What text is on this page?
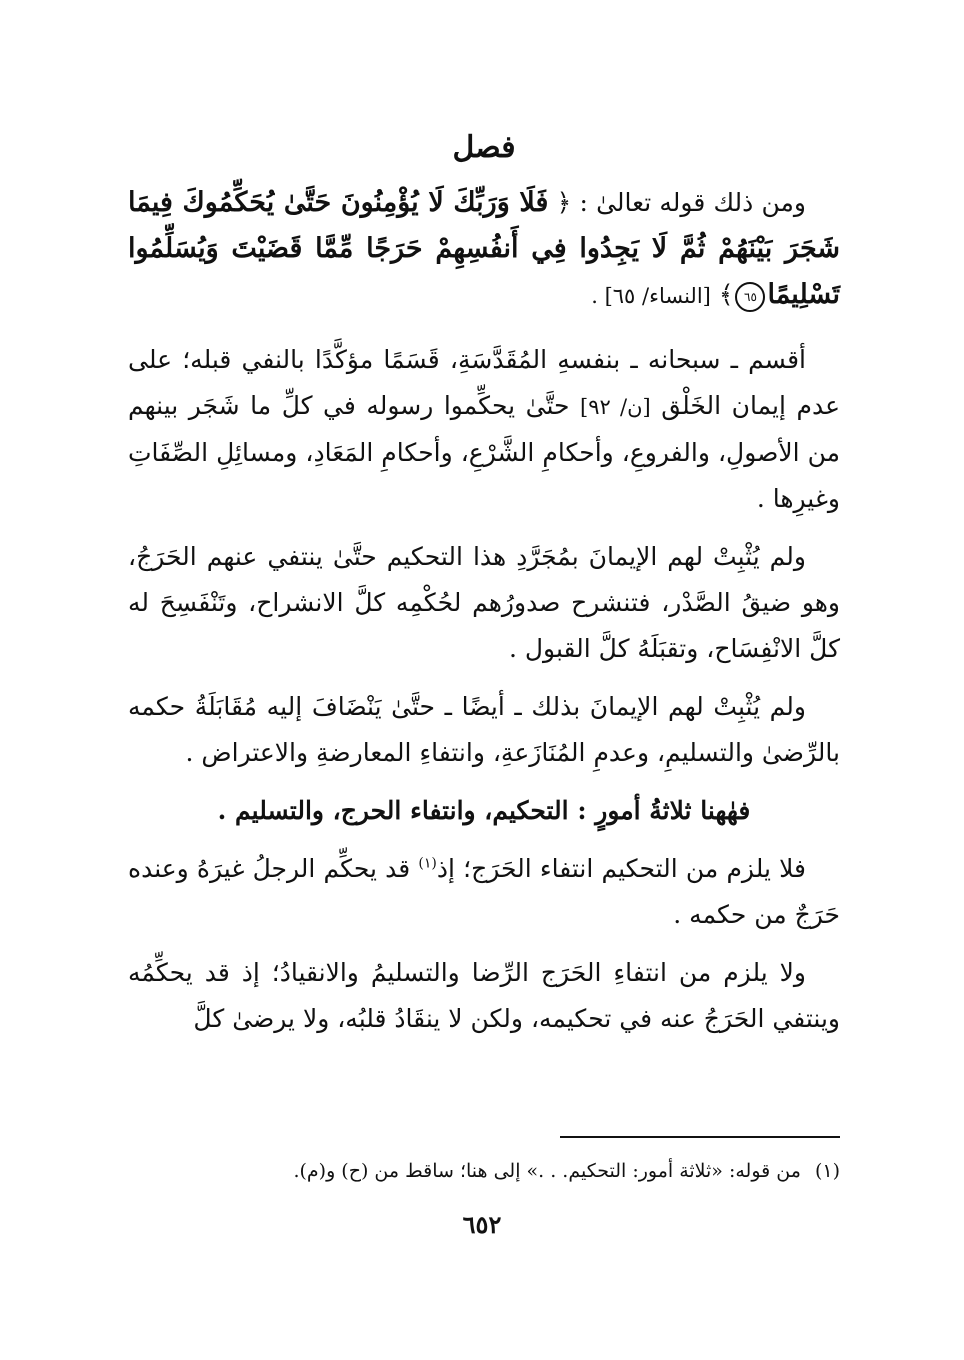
فصل

ومن ذلك قوله تعالىٰ : ﴿ فَلَا وَرَبِّكَ لَا يُؤْمِنُونَ حَتَّىٰ يُحَكِّمُوكَ فِيمَا شَجَرَ بَيْنَهُمْ ثُمَّ لَا يَجِدُوا فِي أَنفُسِهِمْ حَرَجًا مِّمَّا قَضَيْتَ وَيُسَلِّمُوا تَسْلِيمًا٦٥﴾ [النساء/ ٦٥] .

أقسم ـ سبحانه ـ بنفسهِ المُقَدَّسَةِ، قَسَمًا مؤكَّدًا بالنفي قبله؛ على عدم إيمان الخَلْق [ن/ ٩٢] حتَّىٰ يحكِّموا رسوله في كلِّ ما شَجَر بينهم من الأصولِ، والفروعِ، وأحكامِ الشَّرْعِ، وأحكامِ المَعَادِ، ومسائِلِ الصِّفَاتِ وغيرِها .

ولم يُثْبِتْ لهم الإيمانَ بمُجَرَّدِ هذا التحكيم حتَّىٰ ينتفي عنهم الحَرَجُ، وهو ضيقُ الصَّدْر، فتنشرح صدورُهم لحُكْمِه كلَّ الانشراح، وتَنْفَسِحَ له كلَّ الانْفِسَاح، وتقبَلَهُ كلَّ القبول .

ولم يُثْبِتْ لهم الإيمانَ بذلك ـ أيضًا ـ حتَّىٰ يَنْضَافَ إليه مُقَابَلَةُ حكمه بالرِّضىٰ والتسليمِ، وعدمِ المُنَازَعةِ، وانتفاءِ المعارضةِ والاعتراض .

فهٰهنا ثلاثةُ أمورٍ : التحكيم، وانتفاء الحرج، والتسليم .

فلا يلزم من التحكيم انتفاء الحَرَج؛ إذ$^{(١)}$ قد يحكِّم الرجلُ غيرَهُ وعنده حَرَجٌ من حكمه .

ولا يلزم من انتفاءِ الحَرَج الرِّضا والتسليمُ والانقيادُ؛ إذ قد يحكِّمُه وينتفي الحَرَجُ عنه في تحكيمه، ولكن لا ينقَادُ قلبُه، ولا يرضىٰ كلَّ

(١)من قوله: «ثلاثة أمور: التحكيم. . .» إلى هنا؛ ساقط من (ح) و(م).
٦٥٢
